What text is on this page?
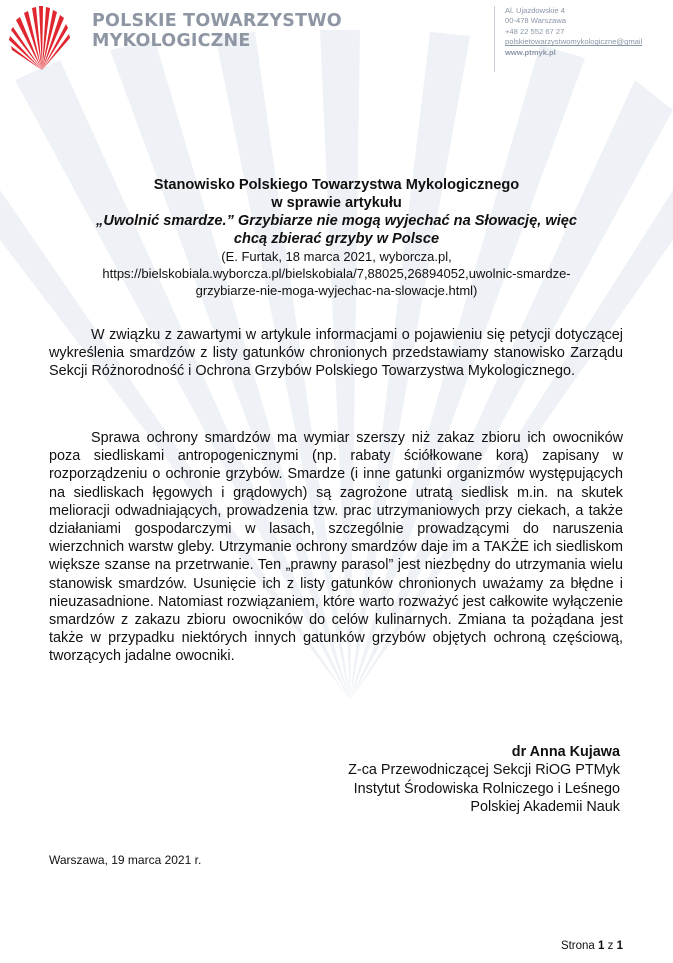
POLSKIE TOWARZYSTWO
MYKOLOGICZNE
Al. Ujazdowskie 4
00-478 Warszawa
+48 22 552 67 27
polskietowarzystwomykologiczne@gmail
www.ptmyk.pl
Stanowisko Polskiego Towarzystwa Mykologicznego
w sprawie artykułu
„Uwolnić smardze.” Grzybiarze nie mogą wyjechać na Słowację, więc
chcą zbierać grzyby w Polsce
(E. Furtak, 18 marca 2021, wyborcza.pl,
https://bielskobiala.wyborcza.pl/bielskobiala/7,88025,26894052,uwolnic-smardze-
grzybiarze-nie-moga-wyjechac-na-slowacje.html)
W związku z zawartymi w artykule informacjami o pojawieniu się petycji dotyczącej wykreślenia smardzów z listy gatunków chronionych przedstawiamy stanowisko Zarządu Sekcji Różnorodność i Ochrona Grzybów Polskiego Towarzystwa Mykologicznego.
Sprawa ochrony smardzów ma wymiar szerszy niż zakaz zbioru ich owocników poza siedliskami antropogenicznymi (np. rabaty ściółkowane korą) zapisany w rozporządzeniu o ochronie grzybów. Smardze (i inne gatunki organizmów występujących na siedliskach łęgowych i grądowych) są zagrożone utratą siedlisk m.in. na skutek melioracji odwadniających, prowadzenia tzw. prac utrzymaniowych przy ciekach, a także działaniami gospodarczymi w lasach, szczególnie prowadzącymi do naruszenia wierzchnich warstw gleby. Utrzymanie ochrony smardzów daje im a TAKŻE ich siedliskom większe szanse na przetrwanie. Ten „prawny parasol” jest niezbędny do utrzymania wielu stanowisk smardzów. Usunięcie ich z listy gatunków chronionych uważamy za błędne i nieuzasadnione. Natomiast rozwiązaniem, które warto rozważyć jest całkowite wyłączenie smardzów z zakazu zbioru owocników do celów kulinarnych. Zmiana ta pożądana jest także w przypadku niektórych innych gatunków grzybów objętych ochroną częściową, tworzących jadalne owocniki.
dr Anna Kujawa
Z-ca Przewodniczącej Sekcji RiOG PTMyk
Instytut Środowiska Rolniczego i Leśnego
Polskiej Akademii Nauk
Warszawa, 19 marca 2021 r.
Strona 1 z 1
